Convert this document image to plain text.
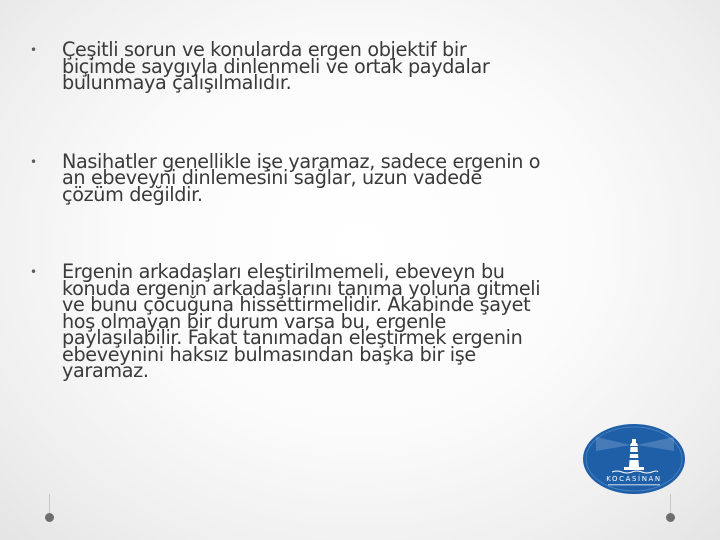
• Çeşitli sorun ve konularda ergen objektif bir
biçimde saygıyla dinlenmeli ve ortak paydalar
bulunmaya çalışılmalıdır.
• Nasihatler genellikle işe yaramaz, sadece ergenin o
an ebeveyni dinlemesini sağlar, uzun vadede
çözüm değildir.
• Ergenin arkadaşları eleştirilmemeli, ebeveyn bu
konuda ergenin arkadaşlarını tanıma yoluna gitmeli
ve bunu çocuğuna hissettirmelidir. Akabinde şayet
hoş olmayan bir durum varsa bu, ergenle
paylaşılabilir. Fakat tanımadan eleştirmek ergenin
ebeveynini haksız bulmasından başka bir işe
yaramaz.
KOCASİNAN
